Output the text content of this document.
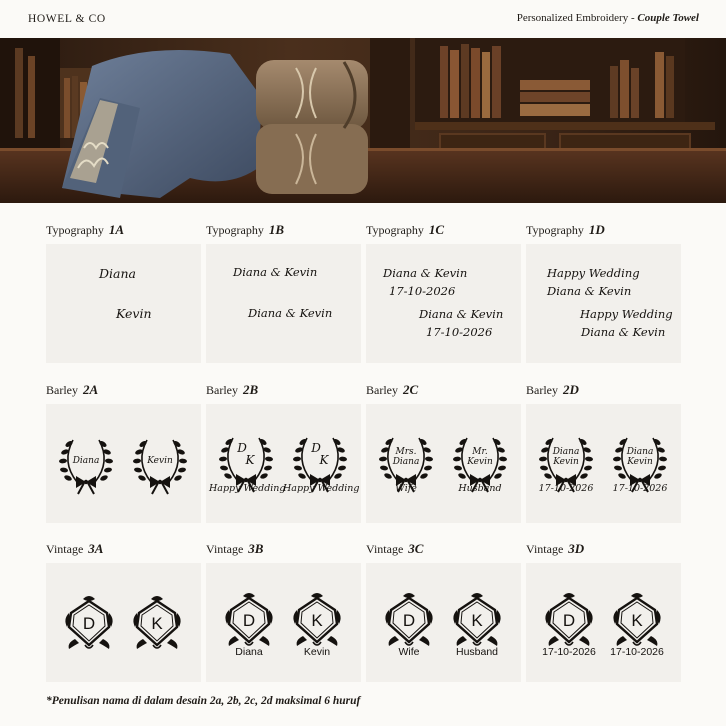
HOWEL & CO	Personalized Embroidery - Couple Towel
Typography 1A
Diana
Kevin
Typography 1B
Diana & Kevin
Diana & Kevin
Typography 1C
Diana & Kevin
17-10-2026
Diana & Kevin
17-10-2026
Typography 1D
Happy Wedding
Diana & Kevin
Happy Wedding
Diana & Kevin
Barley 2A
Diana	Kevin
Barley 2B
D
K
Happy Wedding
D
K
Happy Wedding
Barley 2C
Mrs.
Diana
Wife
Mr.
Kevin
Husband
Barley 2D
Diana
Kevin
17-10-2026
Diana
Kevin
17-10-2026
Vintage 3A
D	K
Vintage 3B
D
Diana
K
Kevin
Vintage 3C
D
Wife
K
Husband
Vintage 3D
D
17-10-2026
K
17-10-2026
*Penulisan nama di dalam desain 2a, 2b, 2c, 2d maksimal 6 huruf
